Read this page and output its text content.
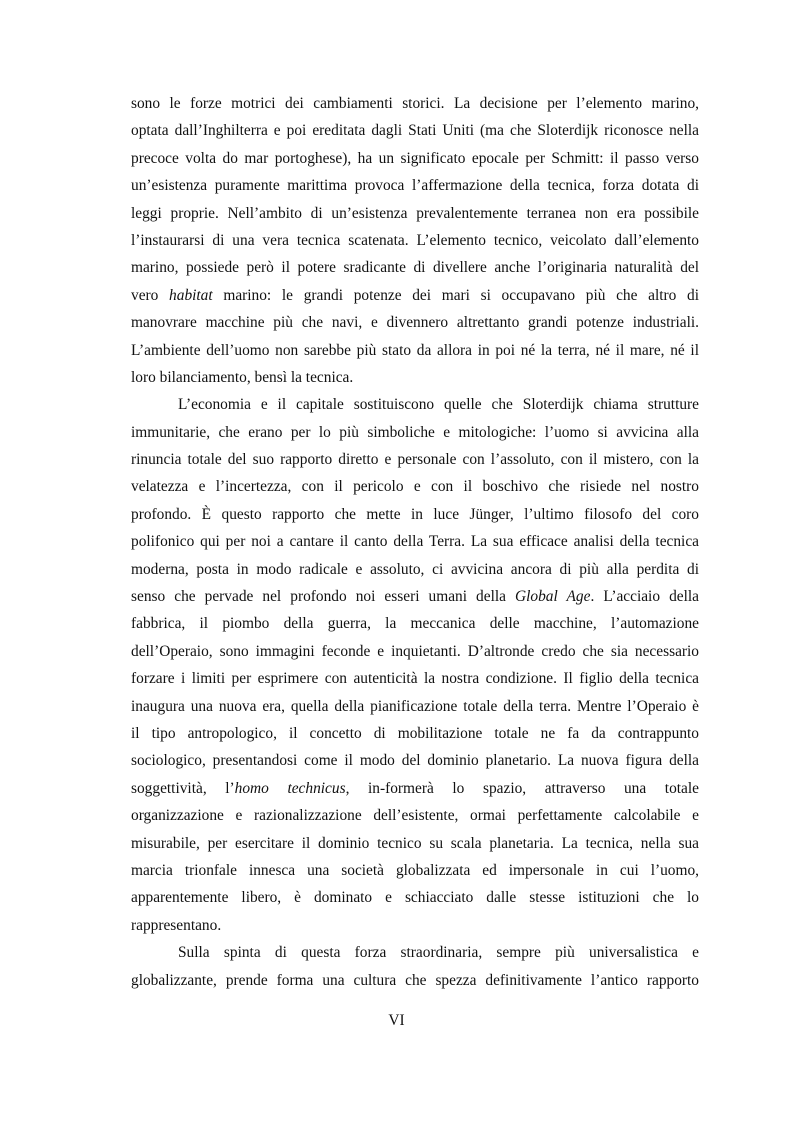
sono le forze motrici dei cambiamenti storici. La decisione per l’elemento marino,
optata dall’Inghilterra e poi ereditata dagli Stati Uniti (ma che Sloterdijk riconosce nella
precoce volta do mar portoghese), ha un significato epocale per Schmitt: il passo verso
un’esistenza puramente marittima provoca l’affermazione della tecnica, forza dotata di
leggi proprie. Nell’ambito di un’esistenza prevalentemente terranea non era possibile
l’instaurarsi di una vera tecnica scatenata. L’elemento tecnico, veicolato dall’elemento
marino, possiede però il potere sradicante di divellere anche l’originaria naturalità del
vero habitat marino: le grandi potenze dei mari si occupavano più che altro di
manovrare macchine più che navi, e divennero altrettanto grandi potenze industriali.
L’ambiente dell’uomo non sarebbe più stato da allora in poi né la terra, né il mare, né il
loro bilanciamento, bensì la tecnica.
L’economia e il capitale sostituiscono quelle che Sloterdijk chiama strutture
immunitarie, che erano per lo più simboliche e mitologiche: l’uomo si avvicina alla
rinuncia totale del suo rapporto diretto e personale con l’assoluto, con il mistero, con la
velatezza e l’incertezza, con il pericolo e con il boschivo che risiede nel nostro
profondo. È questo rapporto che mette in luce Jünger, l’ultimo filosofo del coro
polifonico qui per noi a cantare il canto della Terra. La sua efficace analisi della tecnica
moderna, posta in modo radicale e assoluto, ci avvicina ancora di più alla perdita di
senso che pervade nel profondo noi esseri umani della Global Age. L’acciaio della
fabbrica, il piombo della guerra, la meccanica delle macchine, l’automazione
dell’Operaio, sono immagini feconde e inquietanti. D’altronde credo che sia necessario
forzare i limiti per esprimere con autenticità la nostra condizione. Il figlio della tecnica
inaugura una nuova era, quella della pianificazione totale della terra. Mentre l’Operaio è
il tipo antropologico, il concetto di mobilitazione totale ne fa da contrappunto
sociologico, presentandosi come il modo del dominio planetario. La nuova figura della
soggettività, l’homo technicus, in-formerà lo spazio, attraverso una totale
organizzazione e razionalizzazione dell’esistente, ormai perfettamente calcolabile e
misurabile, per esercitare il dominio tecnico su scala planetaria. La tecnica, nella sua
marcia trionfale innesca una società globalizzata ed impersonale in cui l’uomo,
apparentemente libero, è dominato e schiacciato dalle stesse istituzioni che lo
rappresentano.
Sulla spinta di questa forza straordinaria, sempre più universalistica e
globalizzante, prende forma una cultura che spezza definitivamente l’antico rapporto
VI
